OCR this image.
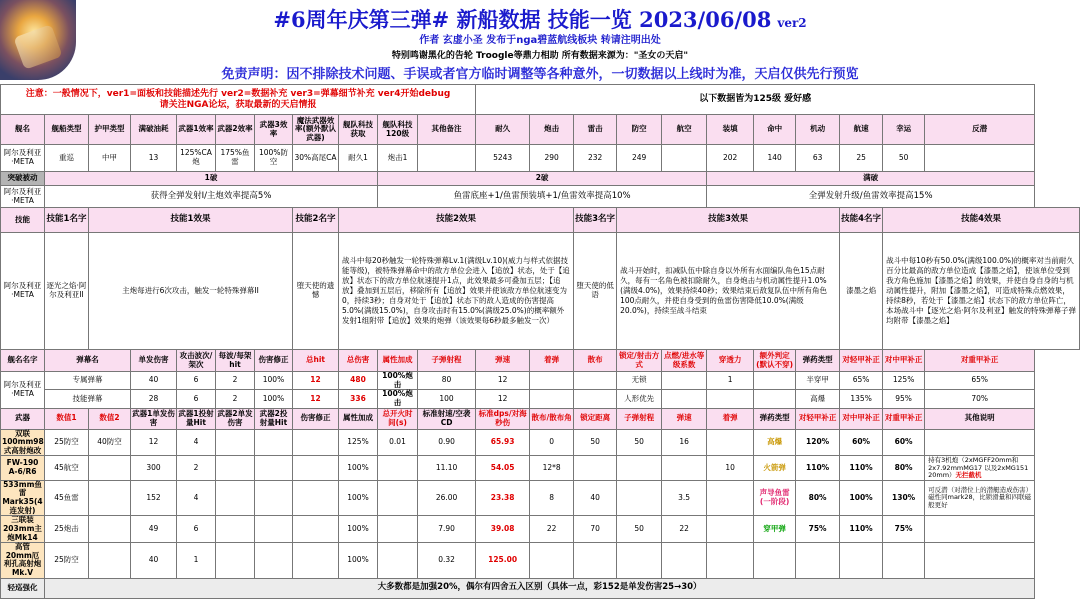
#6周年庆第三弹# 新船数据 技能一览 2023/06/08 ver2
作者 玄虚小圣 发布于nga碧蓝航线板块 转请注明出处
特别鸣谢黑化的告轮 Troogle等鼎力相助 所有数据来源为："圣女の天启"
免责声明：因不排除技术问题、手误或者官方临时调整等各种意外，一切数据以上线时为准，天启仅供先行预览
注意：一般情况下，ver1=面板和技能描述先行 ver2=数据补充 ver3=弹幕细节补充 ver4开始debug
请关注NGA论坛，获取最新的天启情报											以下数据皆为125级 爱好感										
舰名	舰船类型	护甲类型	满破油耗	武器1效率	武器2效率	武器3效率	魔法武器效率(额外默认武器)	舰队科技获取	舰队科技120级	其他备注	耐久	炮击	雷击	防空	航空	装填	命中	机动	航速	幸运	反潜
阿尔及利亚·META	重巡	中甲	13	125%CA炮	175%鱼雷	100%防空	30%高尾CA	耐久1	炮击1		5243	290	232	249		202	140	63	25	50	
突破被动	1破								2破							满破					
阿尔及利亚·META	获得全弹发射I/主炮效率提高5%								鱼雷底座+1/鱼雷预装填+1/鱼雷效率提高10%							全弹发射升级/鱼雷效率提高15%					
技能	技能1名字	技能1效果					技能2名字	技能2效果					技能3名字	技能3效果					技能4名字	技能4效果	
阿尔及利亚·META	逐光之焰·阿尔及利亚II	主炮每进行6次攻击，触发一轮特殊弹幕II					堕天使的遗憾	战斗中每20秒触发一轮特殊弹幕Lv.1(满级Lv.10)(威力与样式依据技能等级)，被特殊弹幕命中的敌方单位会进入【追放】状态，处于【追放】状态下的敌方单位航速提升1点，此效果最多可叠加五层；【追放】叠加到五层后，移除所有【追放】效果并使该敌方单位航速变为0，持续3秒；自身对处于【追放】状态下的敌人造成的伤害提高5.0%(满级15.0%)，自身攻击时有15.0%(满级25.0%)的概率额外发射1组附带【追放】效果的炮弹（该效果每6秒最多触发一次）					堕天使的低语	战斗开始时，扣减队伍中除自身以外所有水面编队角色15点耐久，每有一名角色被扣除耐久，自身炮击与机动属性提升1.0%(满级4.0%)，效果持续40秒；效果结束后敌复队伍中所有角色100点耐久，并使自身受到的鱼雷伤害降低10.0%(满级20.0%)，持续至战斗结束					漆墨之焰	战斗中每10秒有50.0%(满级100.0%)的概率对当前耐久百分比最高的敌方单位造成【漆墨之焰】，使该单位受到我方角色施加【漆墨之焰】的效果，并使自身自身的与机动属性提升，附加【漆墨之焰】，可造成特殊点燃效果，持续8秒，若处于【漆墨之焰】状态下的敌方单位阵亡，本场战斗中【逐光之焰·阿尔及利亚】触发的特殊弹幕子弹均附带【漆墨之焰】	
舰名名字	弹幕名		单发伤害	攻击波次/架次	每波/每架hit	伤害修正	总hit	总伤害	属性加成	子弹射程	弹速	着弹	散布	锁定/射击方式	点燃/进水等级系数	穿透力	额外判定(默认不穿)	弹药类型	对轻甲补正	对中甲补正	对重甲补正
阿尔及利亚·META	专属弹幕		40	6	2	100%	12	480	100%炮击	80	12			无锁		1		半穿甲	65%	125%	65%
	技能弹幕		28	6	2	100%	12	336	100%炮击	100	12			人形优先				高爆	135%	95%	70%
武器	数值1	数值2	武器1单发伤害	武器1投射量Hit	武器2单发伤害	武器2投射量Hit	伤害修正	属性加成	总开火时间(s)	标准射速/空袭CD	标准dps/对海秒伤	散布/散布角	锁定距离	子弹射程	弹速	着弹	弹药类型	对轻甲补正	对中甲补正	对重甲补正	其他说明
双联100mm98式高射炮改	25防空	40防空	12	4				125%	0.01	0.90	65.93	0	50	50	16		高爆	120%	60%	60%	
FW-190 A-6/R6	45航空		300	2				100%		11.10	54.05	12*8				10	火箭弹	110%	110%	80%	持有3机炮（2xMGFF20mm和2x7.92mmMG17 以及2xMG151 20mm）无拦截机
533mm鱼雷Mark35(4连发射)	45鱼雷		152	4				100%		26.00	23.38	8	40		3.5		声导鱼雷(一阶段)	80%	100%	130%	可反潜（对潜位上的潜艇造成伤害）磁性同mark28，比锁滑量和四联磁般更好
三联装203mm主炮Mk14	25炮击		49	6				100%		7.90	39.08	22	70	50	22		穿甲弹	75%	110%	75%	
高管20mm厄利孔高射炮Mk.V	25防空		40	1				100%		0.32	125.00										
轻巡强化	大多数都是加强20%，偶尔有四舍五入区别（具体一点，彩152是单发伤害25→30）																				
